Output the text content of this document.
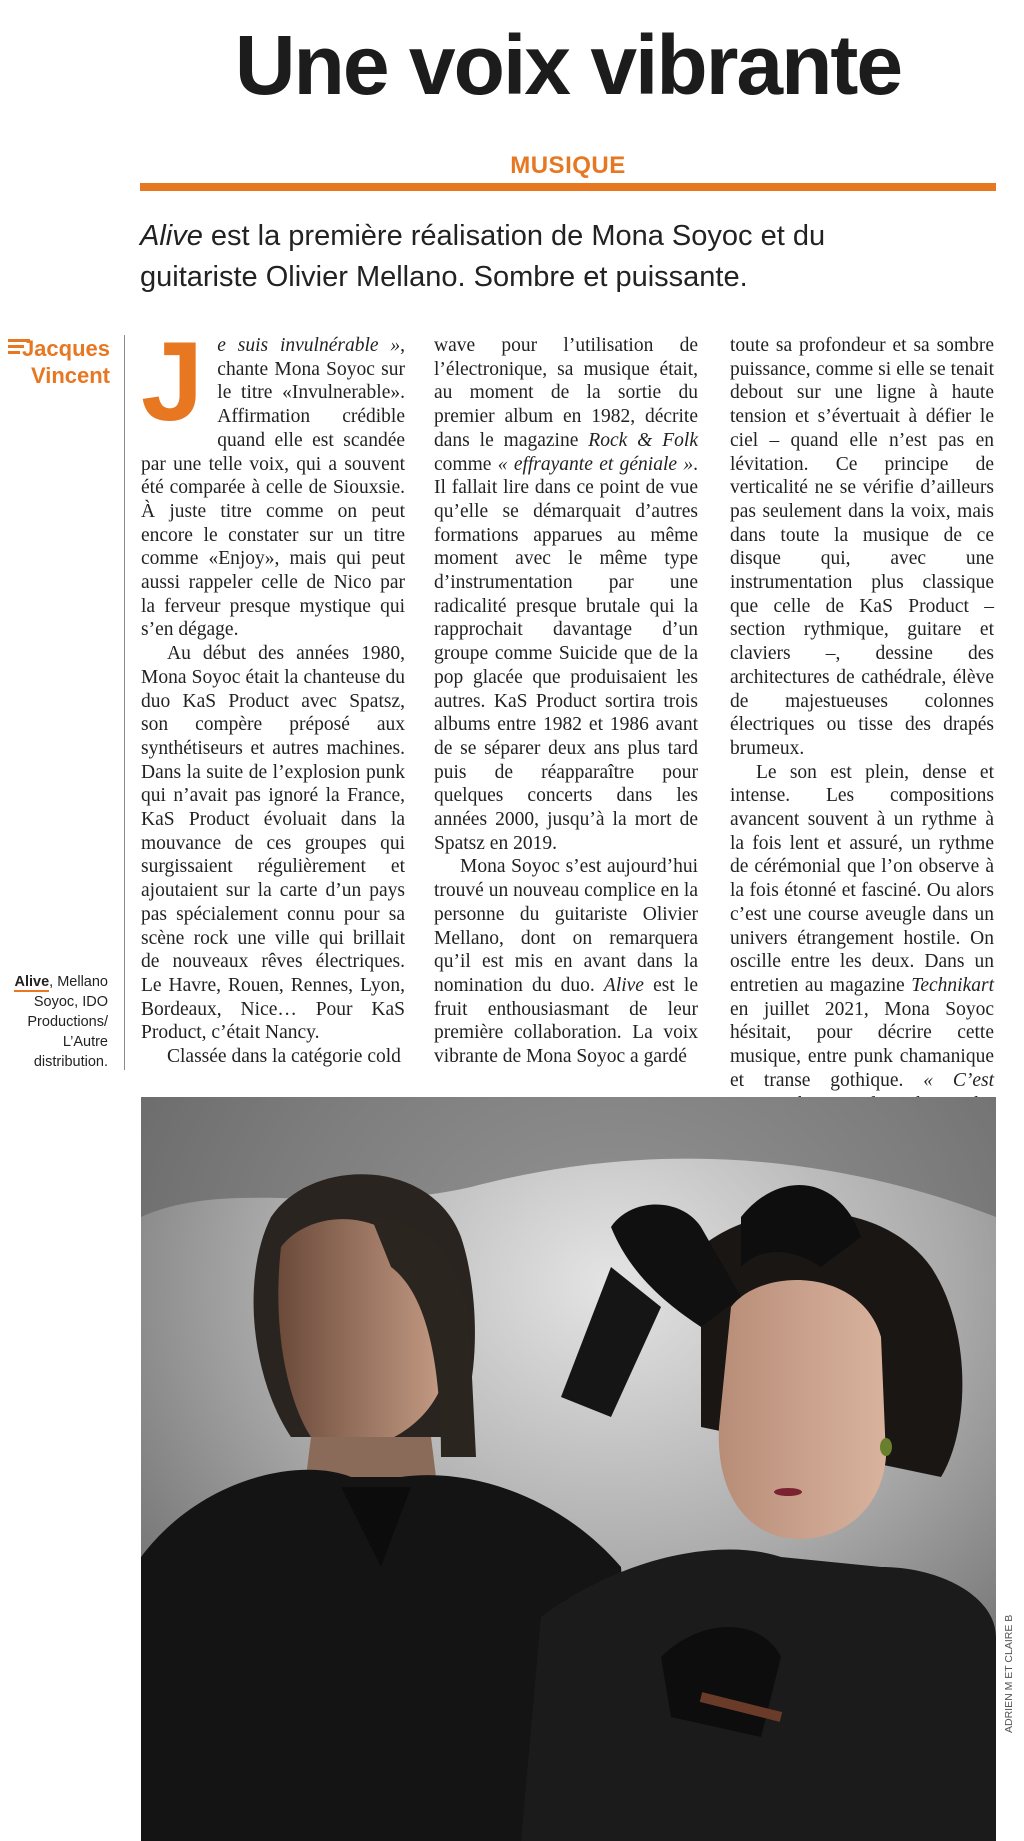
Une voix vibrante
MUSIQUE

Alive est la première réalisation de Mona Soyoc et du guitariste Olivier Mellano. Sombre et puissante.

Jacques Vincent
Alive, Mellano Soyoc, IDO Productions/ L’Autre distribution.

Je suis invulnérable », chante Mona Soyoc sur le titre «Invulnerable». Affirmation crédible quand elle est scandée par une telle voix, qui a souvent été comparée à celle de Siouxsie. À juste titre comme on peut encore le constater sur un titre comme «Enjoy», mais qui peut aussi rappeler celle de Nico par la ferveur presque mystique qui s’en dégage.

Au début des années 1980, Mona Soyoc était la chanteuse du duo KaS Product avec Spatsz, son compère préposé aux synthétiseurs et autres machines. Dans la suite de l’explosion punk qui n’avait pas ignoré la France, KaS Product évoluait dans la mouvance de ces groupes qui surgissaient régulièrement et ajoutaient sur la carte d’un pays pas spécialement connu pour sa scène rock une ville qui brillait de nouveaux rêves électriques. Le Havre, Rouen, Rennes, Lyon, Bordeaux, Nice… Pour KaS Product, c’était Nancy.

Classée dans la catégorie cold

wave pour l’utilisation de l’électronique, sa musique était, au moment de la sortie du premier album en 1982, décrite dans le magazine Rock & Folk comme « effrayante et géniale ». Il fallait lire dans ce point de vue qu’elle se démarquait d’autres formations apparues au même moment avec le même type d’instrumentation par une radicalité presque brutale qui la rapprochait davantage d’un groupe comme Suicide que de la pop glacée que produisaient les autres. KaS Product sortira trois albums entre 1982 et 1986 avant de se séparer deux ans plus tard puis de réapparaître pour quelques concerts dans les années 2000, jusqu’à la mort de Spatsz en 2019.

Mona Soyoc s’est aujourd’hui trouvé un nouveau complice en la personne du guitariste Olivier Mellano, dont on remarquera qu’il est mis en avant dans la nomination du duo. Alive est le fruit enthousiasmant de leur première collaboration. La voix vibrante de Mona Soyoc a gardé

toute sa profondeur et sa sombre puissance, comme si elle se tenait debout sur une ligne à haute tension et s’évertuait à défier le ciel – quand elle n’est pas en lévitation. Ce principe de verticalité ne se vérifie d’ailleurs pas seulement dans la voix, mais dans toute la musique de ce disque qui, avec une instrumentation plus classique que celle de KaS Product – section rythmique, guitare et claviers –, dessine des architectures de cathédrale, élève de majestueuses colonnes électriques ou tisse des drapés brumeux.

Le son est plein, dense et intense. Les compositions avancent souvent à un rythme à la fois lent et assuré, un rythme de cérémonial que l’on observe à la fois étonné et fasciné. Ou alors c’est une course aveugle dans un univers étrangement hostile. On oscille entre les deux. Dans un entretien au magazine Technikart en juillet 2021, Mona Soyoc hésitait, pour décrire cette musique, entre punk chamanique et transe gothique. « C’est

ADRIEN M ET CLAIRE B
